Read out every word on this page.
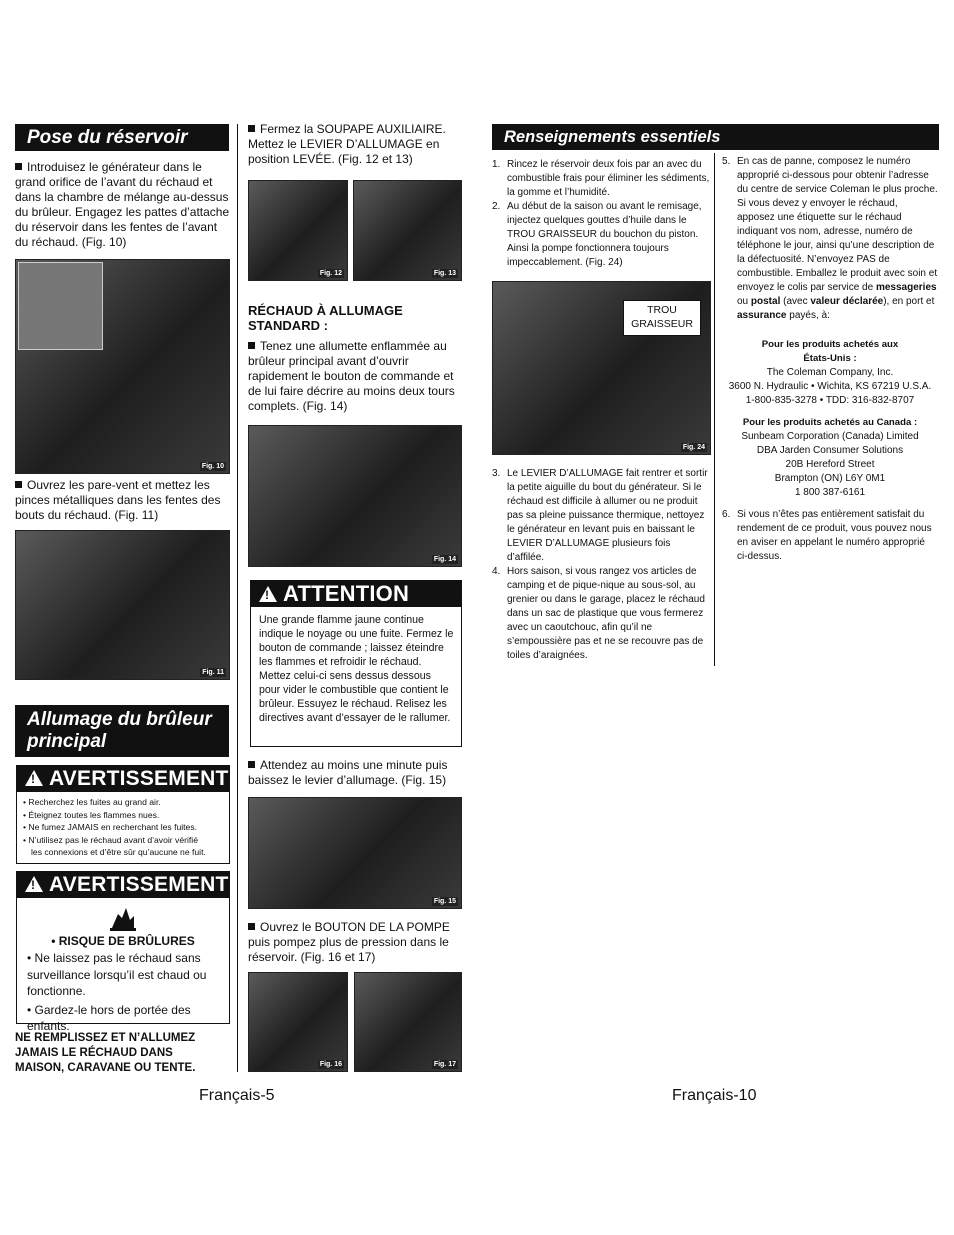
Pose du réservoir
Introduisez le générateur dans le grand orifice de l’avant du réchaud et dans la chambre de mélange au-dessus du brûleur. Engagez les pattes d’attache du réservoir dans les fentes de l’avant du réchaud. (Fig. 10)
Fig. 10
Ouvrez les pare-vent et mettez les pinces métalliques dans les fentes des bouts du réchaud. (Fig. 11)
Fig. 11
Allumage du brûleur
principal
!AVERTISSEMENT
• Recherchez les fuites au grand air.
• Éteignez toutes les flammes nues.
• Ne fumez JAMAIS en recherchant les fuites.
• N’utilisez pas le réchaud avant d’avoir vérifié
les connexions et d’être sûr qu’aucune ne fuit.
!AVERTISSEMENT
• RISQUE DE BRÛLURES
• Ne laissez pas le réchaud sans surveillance lorsqu’il est chaud ou fonctionne.
• Gardez-le hors de portée des enfants.
NE REMPLISSEZ ET N’ALLUMEZ JAMAIS LE RÉCHAUD DANS MAISON, CARAVANE OU TENTE.
Français-5
Fermez la SOUPAPE AUXILIAIRE. Mettez le LEVIER D’ALLUMAGE en position LEVÉE. (Fig. 12 et 13)
Fig. 12	Fig. 13
RÉCHAUD À ALLUMAGE STANDARD :
Tenez une allumette enflammée au brûleur principal avant d’ouvrir rapidement le bouton de commande et de lui faire décrire au moins deux tours complets. (Fig. 14)
Fig. 14
!ATTENTION
Une grande flamme jaune continue indique le noyage ou une fuite. Fermez le bouton de commande ; laissez éteindre les flammes et refroidir le réchaud. Mettez celui-ci sens dessus dessous pour vider le combustible que contient le brûleur. Essuyez le réchaud. Relisez les directives avant d’essayer de le rallumer.
Attendez au moins une minute puis baissez le levier d’allumage. (Fig. 15)
Fig. 15
Ouvrez le BOUTON DE LA POMPE puis pompez plus de pression dans le réservoir. (Fig. 16 et 17)
Fig. 16	Fig. 17
Renseignements essentiels
1. Rincez le réservoir deux fois par an avec du combustible frais pour éliminer les sédiments, la gomme et l’humidité.
2. Au début de la saison ou avant le remisage, injectez quelques gouttes d’huile dans le TROU GRAISSEUR du bouchon du piston. Ainsi la pompe fonctionnera toujours impeccablement. (Fig. 24)
TROU
GRAISSEUR
Fig. 24
3. Le LEVIER D’ALLUMAGE fait rentrer et sortir la petite aiguille du bout du générateur. Si le réchaud est difficile à allumer ou ne produit pas sa pleine puissance thermique, nettoyez le générateur en levant puis en baissant le LEVIER D’ALLUMAGE plusieurs fois d’affilée.
4. Hors saison, si vous rangez vos articles de camping et de pique-nique au sous-sol, au grenier ou dans le garage, placez le réchaud dans un sac de plastique que vous fermerez avec un caoutchouc, afin qu’il ne s’empoussière pas et ne se recouvre pas de toiles d’araignées.
5. En cas de panne, composez le numéro approprié ci-dessous pour obtenir l’adresse du centre de service Coleman le plus proche. Si vous devez y envoyer le réchaud, apposez une étiquette sur le réchaud indiquant vos nom, adresse, numéro de téléphone le jour, ainsi qu’une description de la défectuosité. N’envoyez PAS de combustible. Emballez le produit avec soin et envoyez le colis par service de messageries ou postal (avec valeur déclarée), en port et assurance payés, à:
Pour les produits achetés aux États-Unis :
The Coleman Company, Inc.
3600 N. Hydraulic • Wichita, KS 67219 U.S.A.
1-800-835-3278 • TDD: 316-832-8707
Pour les produits achetés au Canada :
Sunbeam Corporation (Canada) Limited
DBA Jarden Consumer Solutions
20B Hereford Street
Brampton (ON) L6Y 0M1
1 800 387-6161
6. Si vous n’êtes pas entièrement satisfait du rendement de ce produit, vous pouvez nous en aviser en appelant le numéro approprié ci-dessus.
Français-10
